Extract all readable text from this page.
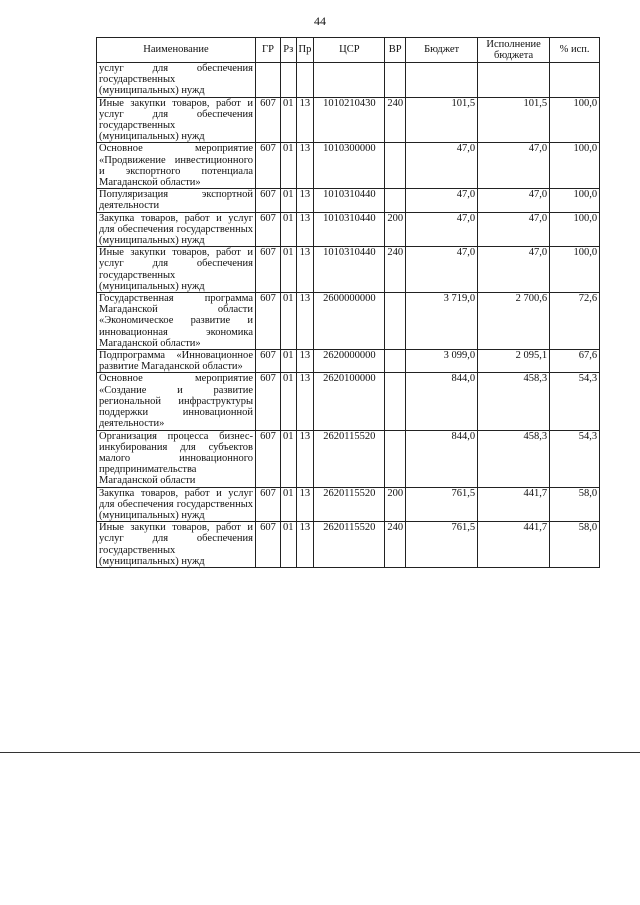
44
Наименование	ГР	Рз	Пр	ЦСР	ВР	Бюджет	Исполнение бюджета	% исп.
услуг для обеспечения государственных (муниципальных) нужд								
Иные закупки товаров, работ и услуг для обеспечения государственных (муниципальных) нужд	607	01	13	1010210430	240	101,5	101,5	100,0
Основное мероприятие «Продвижение инвестиционного и экспортного потенциала Магаданской области»	607	01	13	1010300000		47,0	47,0	100,0
Популяризация экспортной деятельности	607	01	13	1010310440		47,0	47,0	100,0
Закупка товаров, работ и услуг для обеспечения государственных (муниципальных) нужд	607	01	13	1010310440	200	47,0	47,0	100,0
Иные закупки товаров, работ и услуг для обеспечения государственных (муниципальных) нужд	607	01	13	1010310440	240	47,0	47,0	100,0
Государственная программа Магаданской области «Экономическое развитие и инновационная экономика Магаданской области»	607	01	13	2600000000		3 719,0	2 700,6	72,6
Подпрограмма «Инновационное развитие Магаданской области»	607	01	13	2620000000		3 099,0	2 095,1	67,6
Основное мероприятие «Создание и развитие региональной инфраструктуры поддержки инновационной деятельности»	607	01	13	2620100000		844,0	458,3	54,3
Организация процесса бизнес-инкубирования для субъектов малого инновационного предпринимательства Магаданской области	607	01	13	2620115520		844,0	458,3	54,3
Закупка товаров, работ и услуг для обеспечения государственных (муниципальных) нужд	607	01	13	2620115520	200	761,5	441,7	58,0
Иные закупки товаров, работ и услуг для обеспечения государственных (муниципальных) нужд	607	01	13	2620115520	240	761,5	441,7	58,0
